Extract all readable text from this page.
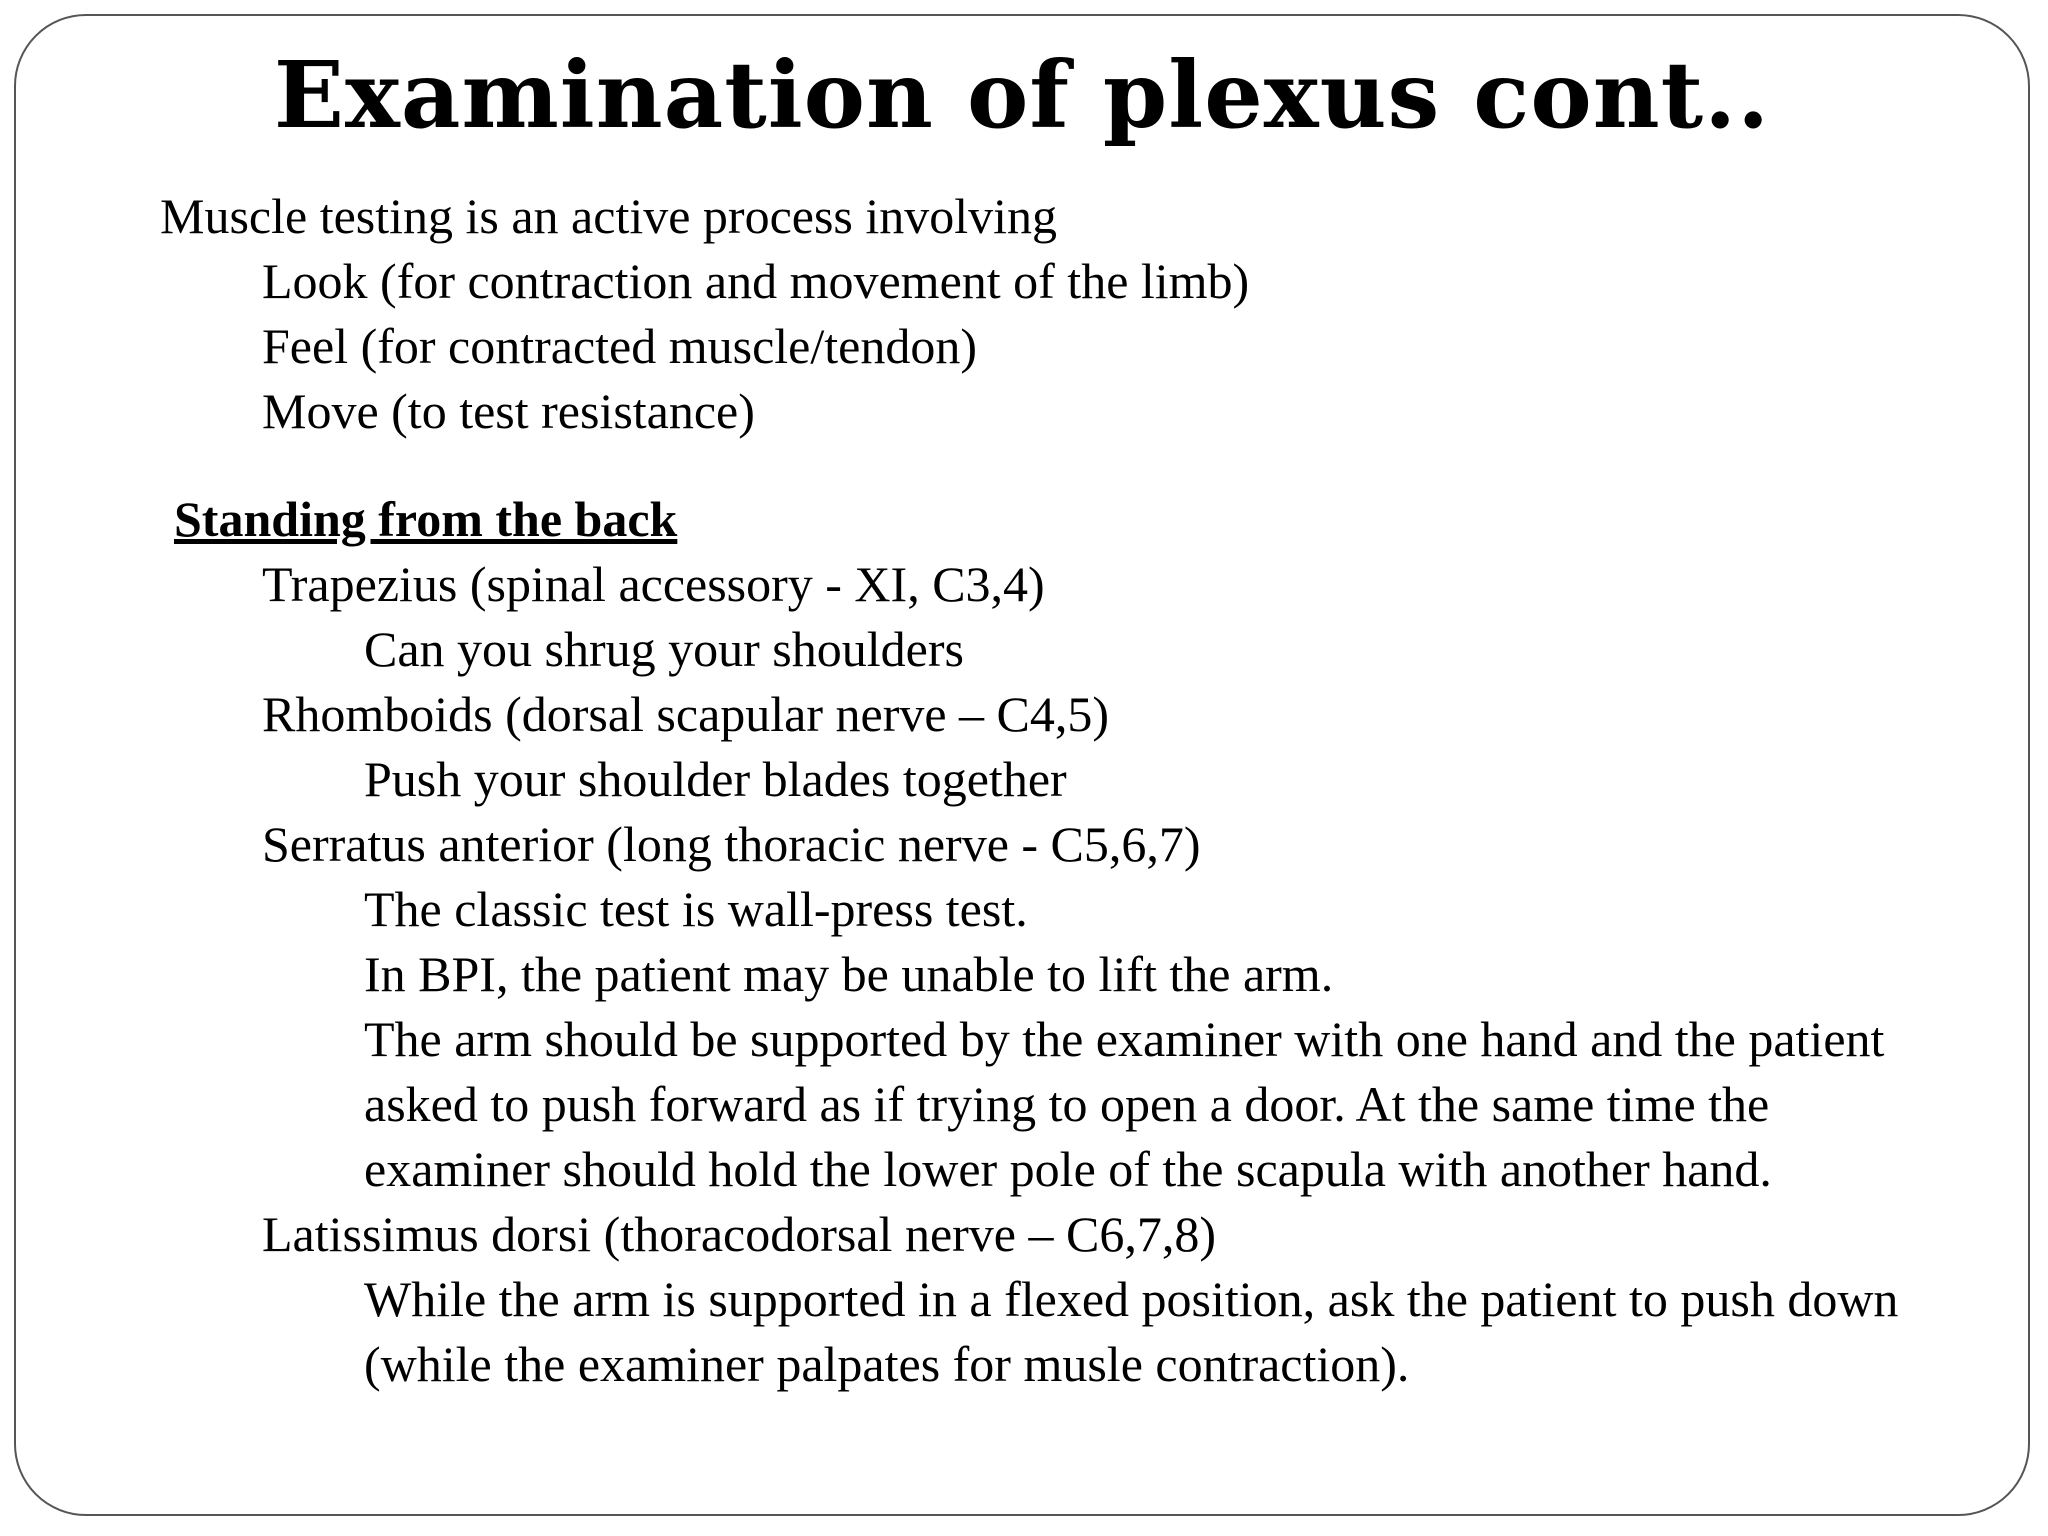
Examination of plexus cont..

Muscle testing is an active process involving

Look (for contraction and movement of the limb)

Feel (for contracted muscle/tendon)

Move (to test resistance)

Standing from the back

Trapezius (spinal accessory - XI, C3,4)

Can you shrug your shoulders

Rhomboids (dorsal scapular nerve – C4,5)

Push your shoulder blades together

Serratus anterior (long thoracic nerve - C5,6,7)

The classic test is wall-press test.

In BPI, the patient may be unable to lift the arm.

The arm should be supported by the examiner with one hand and the patient asked to push forward as if trying to open a door. At the same time the examiner should hold the lower pole of the scapula with another hand.

Latissimus dorsi (thoracodorsal nerve – C6,7,8)

While the arm is supported in a flexed position, ask the patient to push down (while the examiner palpates for musle contraction).
